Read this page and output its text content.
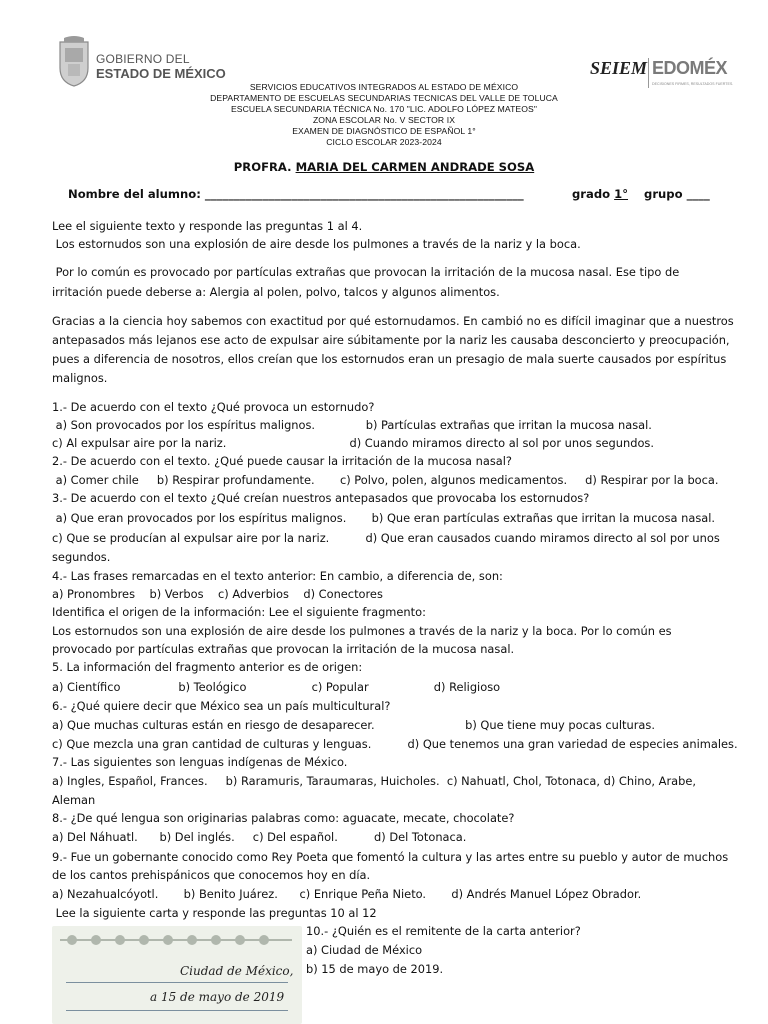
GOBIERNO DEL
ESTADO DE MÉXICO	SEIEM EDOMÉX
DECISIONES FIRMES, RESULTADOS FUERTES.
SERVICIOS EDUCATIVOS INTEGRADOS AL ESTADO DE MÉXICO
DEPARTAMENTO DE ESCUELAS SECUNDARIAS TECNICAS DEL VALLE DE TOLUCA
ESCUELA SECUNDARIA TÉCNICA No. 170 "LIC. ADOLFO LÓPEZ MATEOS"
ZONA ESCOLAR No. V SECTOR IX
EXAMEN DE DIAGNÓSTICO DE ESPAÑOL 1°
CICLO ESCOLAR 2023-2024
PROFRA. MARIA DEL CARMEN ANDRADE SOSA
Nombre del alumno: _______________________________________________________	grado 1° grupo ____
Lee el siguiente texto y responde las preguntas 1 al 4.
Los estornudos son una explosión de aire desde los pulmones a través de la nariz y la boca.
Por lo común es provocado por partículas extrañas que provocan la irritación de la mucosa nasal. Ese tipo de
irritación puede deberse a: Alergia al polen, polvo, talcos y algunos alimentos.
Gracias a la ciencia hoy sabemos con exactitud por qué estornudamos. En cambió no es difícil imaginar que a nuestros
antepasados más lejanos ese acto de expulsar aire súbitamente por la nariz les causaba desconcierto y preocupación,
pues a diferencia de nosotros, ellos creían que los estornudos eran un presagio de mala suerte causados por espíritus
malignos.
1.- De acuerdo con el texto ¿Qué provoca un estornudo?
a) Son provocados por los espíritus malignos.              b) Partículas extrañas que irritan la mucosa nasal.
c) Al expulsar aire por la nariz.                                  d) Cuando miramos directo al sol por unos segundos.
2.- De acuerdo con el texto. ¿Qué puede causar la irritación de la mucosa nasal?
a) Comer chile     b) Respirar profundamente.       c) Polvo, polen, algunos medicamentos.     d) Respirar por la boca.
3.- De acuerdo con el texto ¿Qué creían nuestros antepasados que provocaba los estornudos?
a) Que eran provocados por los espíritus malignos.       b) Que eran partículas extrañas que irritan la mucosa nasal.
c) Que se producían al expulsar aire por la nariz.          d) Que eran causados cuando miramos directo al sol por unos
segundos.
4.- Las frases remarcadas en el texto anterior: En cambio, a diferencia de, son:
a) Pronombres    b) Verbos    c) Adverbios    d) Conectores
Identifica el origen de la información: Lee el siguiente fragmento:
Los estornudos son una explosión de aire desde los pulmones a través de la nariz y la boca. Por lo común es
provocado por partículas extrañas que provocan la irritación de la mucosa nasal.
5. La información del fragmento anterior es de origen:
a) Científico                b) Teológico                  c) Popular                  d) Religioso
6.- ¿Qué quiere decir que México sea un país multicultural?
a) Que muchas culturas están en riesgo de desaparecer.                         b) Que tiene muy pocas culturas.
c) Que mezcla una gran cantidad de culturas y lenguas.          d) Que tenemos una gran variedad de especies animales.
7.- Las siguientes son lenguas indígenas de México.
a) Ingles, Español, Frances.     b) Raramuris, Taraumaras, Huicholes.  c) Nahuatl, Chol, Totonaca, d) Chino, Arabe,
Aleman
8.- ¿De qué lengua son originarias palabras como: aguacate, mecate, chocolate?
a) Del Náhuatl.      b) Del inglés.     c) Del español.          d) Del Totonaca.
9.- Fue un gobernante conocido como Rey Poeta que fomentó la cultura y las artes entre su pueblo y autor de muchos
de los cantos prehispánicos que conocemos hoy en día.
a) Nezahualcóyotl.       b) Benito Juárez.      c) Enrique Peña Nieto.       d) Andrés Manuel López Obrador.
Lee la siguiente carta y responde las preguntas 10 al 12
Ciudad de México,
a 15 de mayo de 2019
10.- ¿Quién es el remitente de la carta anterior?
a) Ciudad de México
b) 15 de mayo de 2019.
